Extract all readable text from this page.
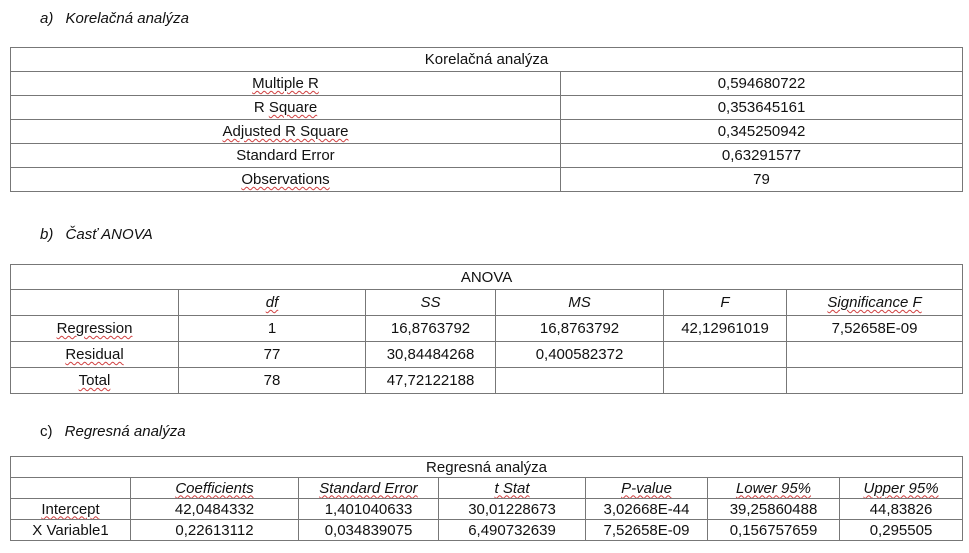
a) Korelačná analýza
Korelačná analýza	
Multiple R	0,594680722
R Square	0,353645161
Adjusted R Square	0,345250942
Standard Error	0,63291577
Observations	79
b) Časť ANOVA
ANOVA					
	df	SS	MS	F	Significance F
Regression	1	16,8763792	16,8763792	42,12961019	7,52658E-09
Residual	77	30,84484268	0,400582372		
Total	78	47,72122188			
c) Regresná analýza
Regresná analýza						
	Coefficients	Standard Error	t Stat	P-value	Lower 95%	Upper 95%
Intercept	42,0484332	1,401040633	30,01228673	3,02668E-44	39,25860488	44,83826
X Variable1	0,22613112	0,034839075	6,490732639	7,52658E-09	0,156757659	0,295505
